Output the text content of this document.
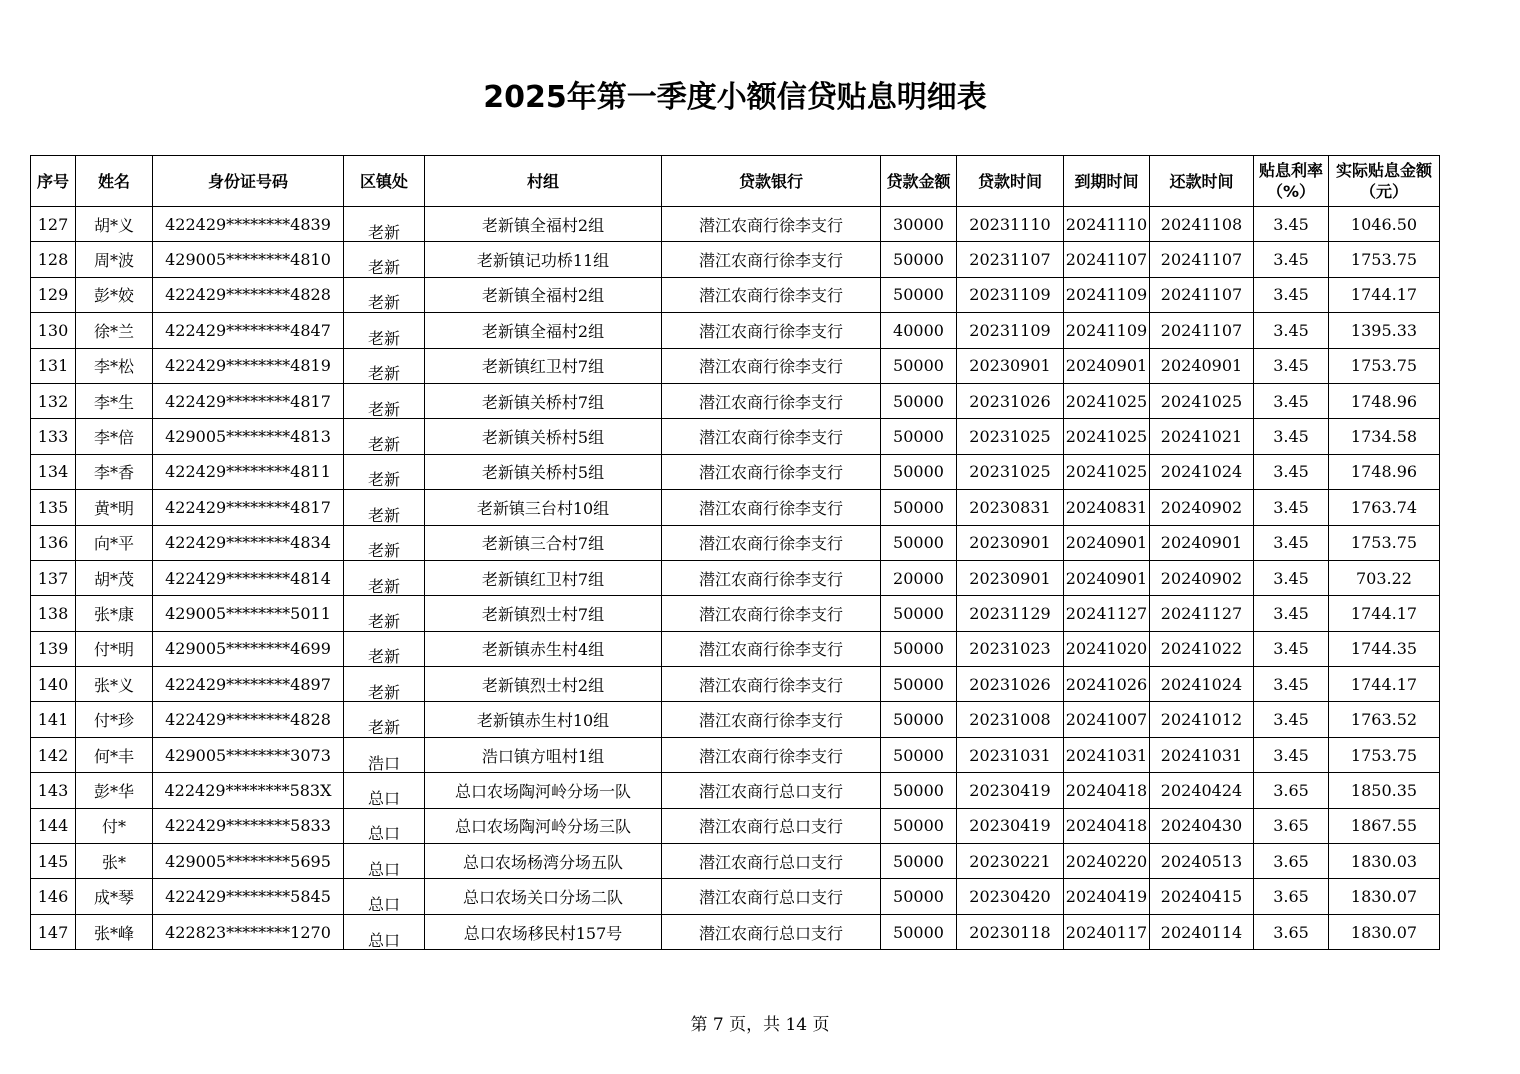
2025年第一季度小额信贷贴息明细表
序号	姓名	身份证号码	区镇处	村组	贷款银行	贷款金额	贷款时间	到期时间	还款时间	贴息利率（%）	实际贴息金额（元）
127	胡*义	422429********4839	老新	老新镇全福村2组	潜江农商行徐李支行	30000	20231110	20241110	20241108	3.45	1046.50
128	周*波	429005********4810	老新	老新镇记功桥11组	潜江农商行徐李支行	50000	20231107	20241107	20241107	3.45	1753.75
129	彭*姣	422429********4828	老新	老新镇全福村2组	潜江农商行徐李支行	50000	20231109	20241109	20241107	3.45	1744.17
130	徐*兰	422429********4847	老新	老新镇全福村2组	潜江农商行徐李支行	40000	20231109	20241109	20241107	3.45	1395.33
131	李*松	422429********4819	老新	老新镇红卫村7组	潜江农商行徐李支行	50000	20230901	20240901	20240901	3.45	1753.75
132	李*生	422429********4817	老新	老新镇关桥村7组	潜江农商行徐李支行	50000	20231026	20241025	20241025	3.45	1748.96
133	李*倍	429005********4813	老新	老新镇关桥村5组	潜江农商行徐李支行	50000	20231025	20241025	20241021	3.45	1734.58
134	李*香	422429********4811	老新	老新镇关桥村5组	潜江农商行徐李支行	50000	20231025	20241025	20241024	3.45	1748.96
135	黄*明	422429********4817	老新	老新镇三台村10组	潜江农商行徐李支行	50000	20230831	20240831	20240902	3.45	1763.74
136	向*平	422429********4834	老新	老新镇三合村7组	潜江农商行徐李支行	50000	20230901	20240901	20240901	3.45	1753.75
137	胡*茂	422429********4814	老新	老新镇红卫村7组	潜江农商行徐李支行	20000	20230901	20240901	20240902	3.45	703.22
138	张*康	429005********5011	老新	老新镇烈士村7组	潜江农商行徐李支行	50000	20231129	20241127	20241127	3.45	1744.17
139	付*明	429005********4699	老新	老新镇赤生村4组	潜江农商行徐李支行	50000	20231023	20241020	20241022	3.45	1744.35
140	张*义	422429********4897	老新	老新镇烈士村2组	潜江农商行徐李支行	50000	20231026	20241026	20241024	3.45	1744.17
141	付*珍	422429********4828	老新	老新镇赤生村10组	潜江农商行徐李支行	50000	20231008	20241007	20241012	3.45	1763.52
142	何*丰	429005********3073	浩口	浩口镇方咀村1组	潜江农商行徐李支行	50000	20231031	20241031	20241031	3.45	1753.75
143	彭*华	422429********583X	总口	总口农场陶河岭分场一队	潜江农商行总口支行	50000	20230419	20240418	20240424	3.65	1850.35
144	付*	422429********5833	总口	总口农场陶河岭分场三队	潜江农商行总口支行	50000	20230419	20240418	20240430	3.65	1867.55
145	张*	429005********5695	总口	总口农场杨湾分场五队	潜江农商行总口支行	50000	20230221	20240220	20240513	3.65	1830.03
146	成*琴	422429********5845	总口	总口农场关口分场二队	潜江农商行总口支行	50000	20230420	20240419	20240415	3.65	1830.07
147	张*峰	422823********1270	总口	总口农场移民村157号	潜江农商行总口支行	50000	20230118	20240117	20240114	3.65	1830.07
第 7 页，共 14 页
